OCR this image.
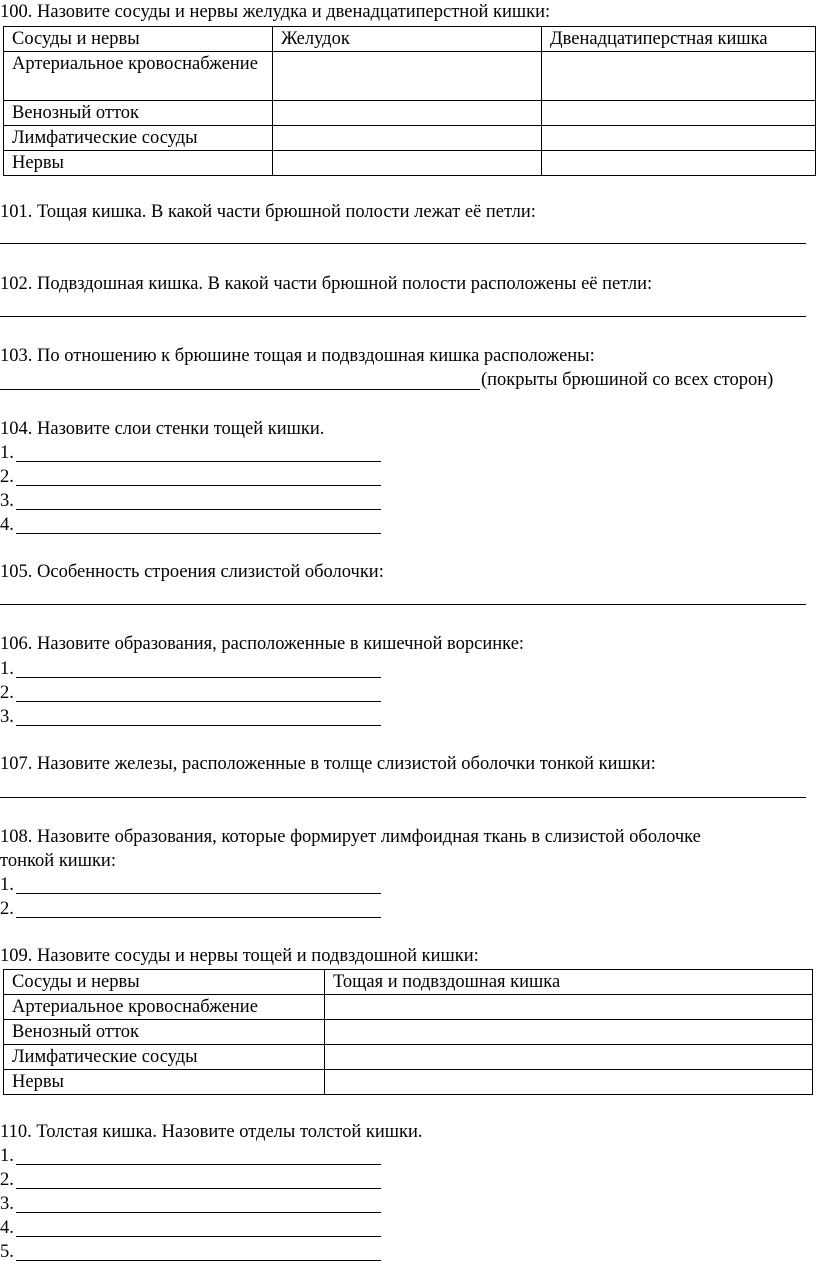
100. Назовите сосуды и нервы желудка и двенадцатиперстной кишки:
Сосуды и нервы	Желудок	Двенадцатиперстная кишка
Артериальное кровоснабжение		
Венозный отток		
Лимфатические сосуды		
Нервы		
101. Тощая кишка. В какой части брюшной полости лежат её петли:
102. Подвздошная кишка. В какой части брюшной полости расположены её петли:
103. По отношению к брюшине тощая и подвздошная кишка расположены:
(покрыты брюшиной со всех сторон)
104. Назовите слои стенки тощей кишки.
1.
2.
3.
4.
105. Особенность строения слизистой оболочки:
106. Назовите образования, расположенные в кишечной ворсинке:
1.
2.
3.
107. Назовите железы, расположенные в толще слизистой оболочки тонкой кишки:
108. Назовите образования, которые формирует лимфоидная ткань в слизистой оболочке
тонкой кишки:
1.
2.
109. Назовите сосуды и нервы тощей и подвздошной кишки:
Сосуды и нервы	Тощая и подвздошная кишка
Артериальное кровоснабжение	
Венозный отток	
Лимфатические сосуды	
Нервы	
110. Толстая кишка. Назовите отделы толстой кишки.
1.
2.
3.
4.
5.
